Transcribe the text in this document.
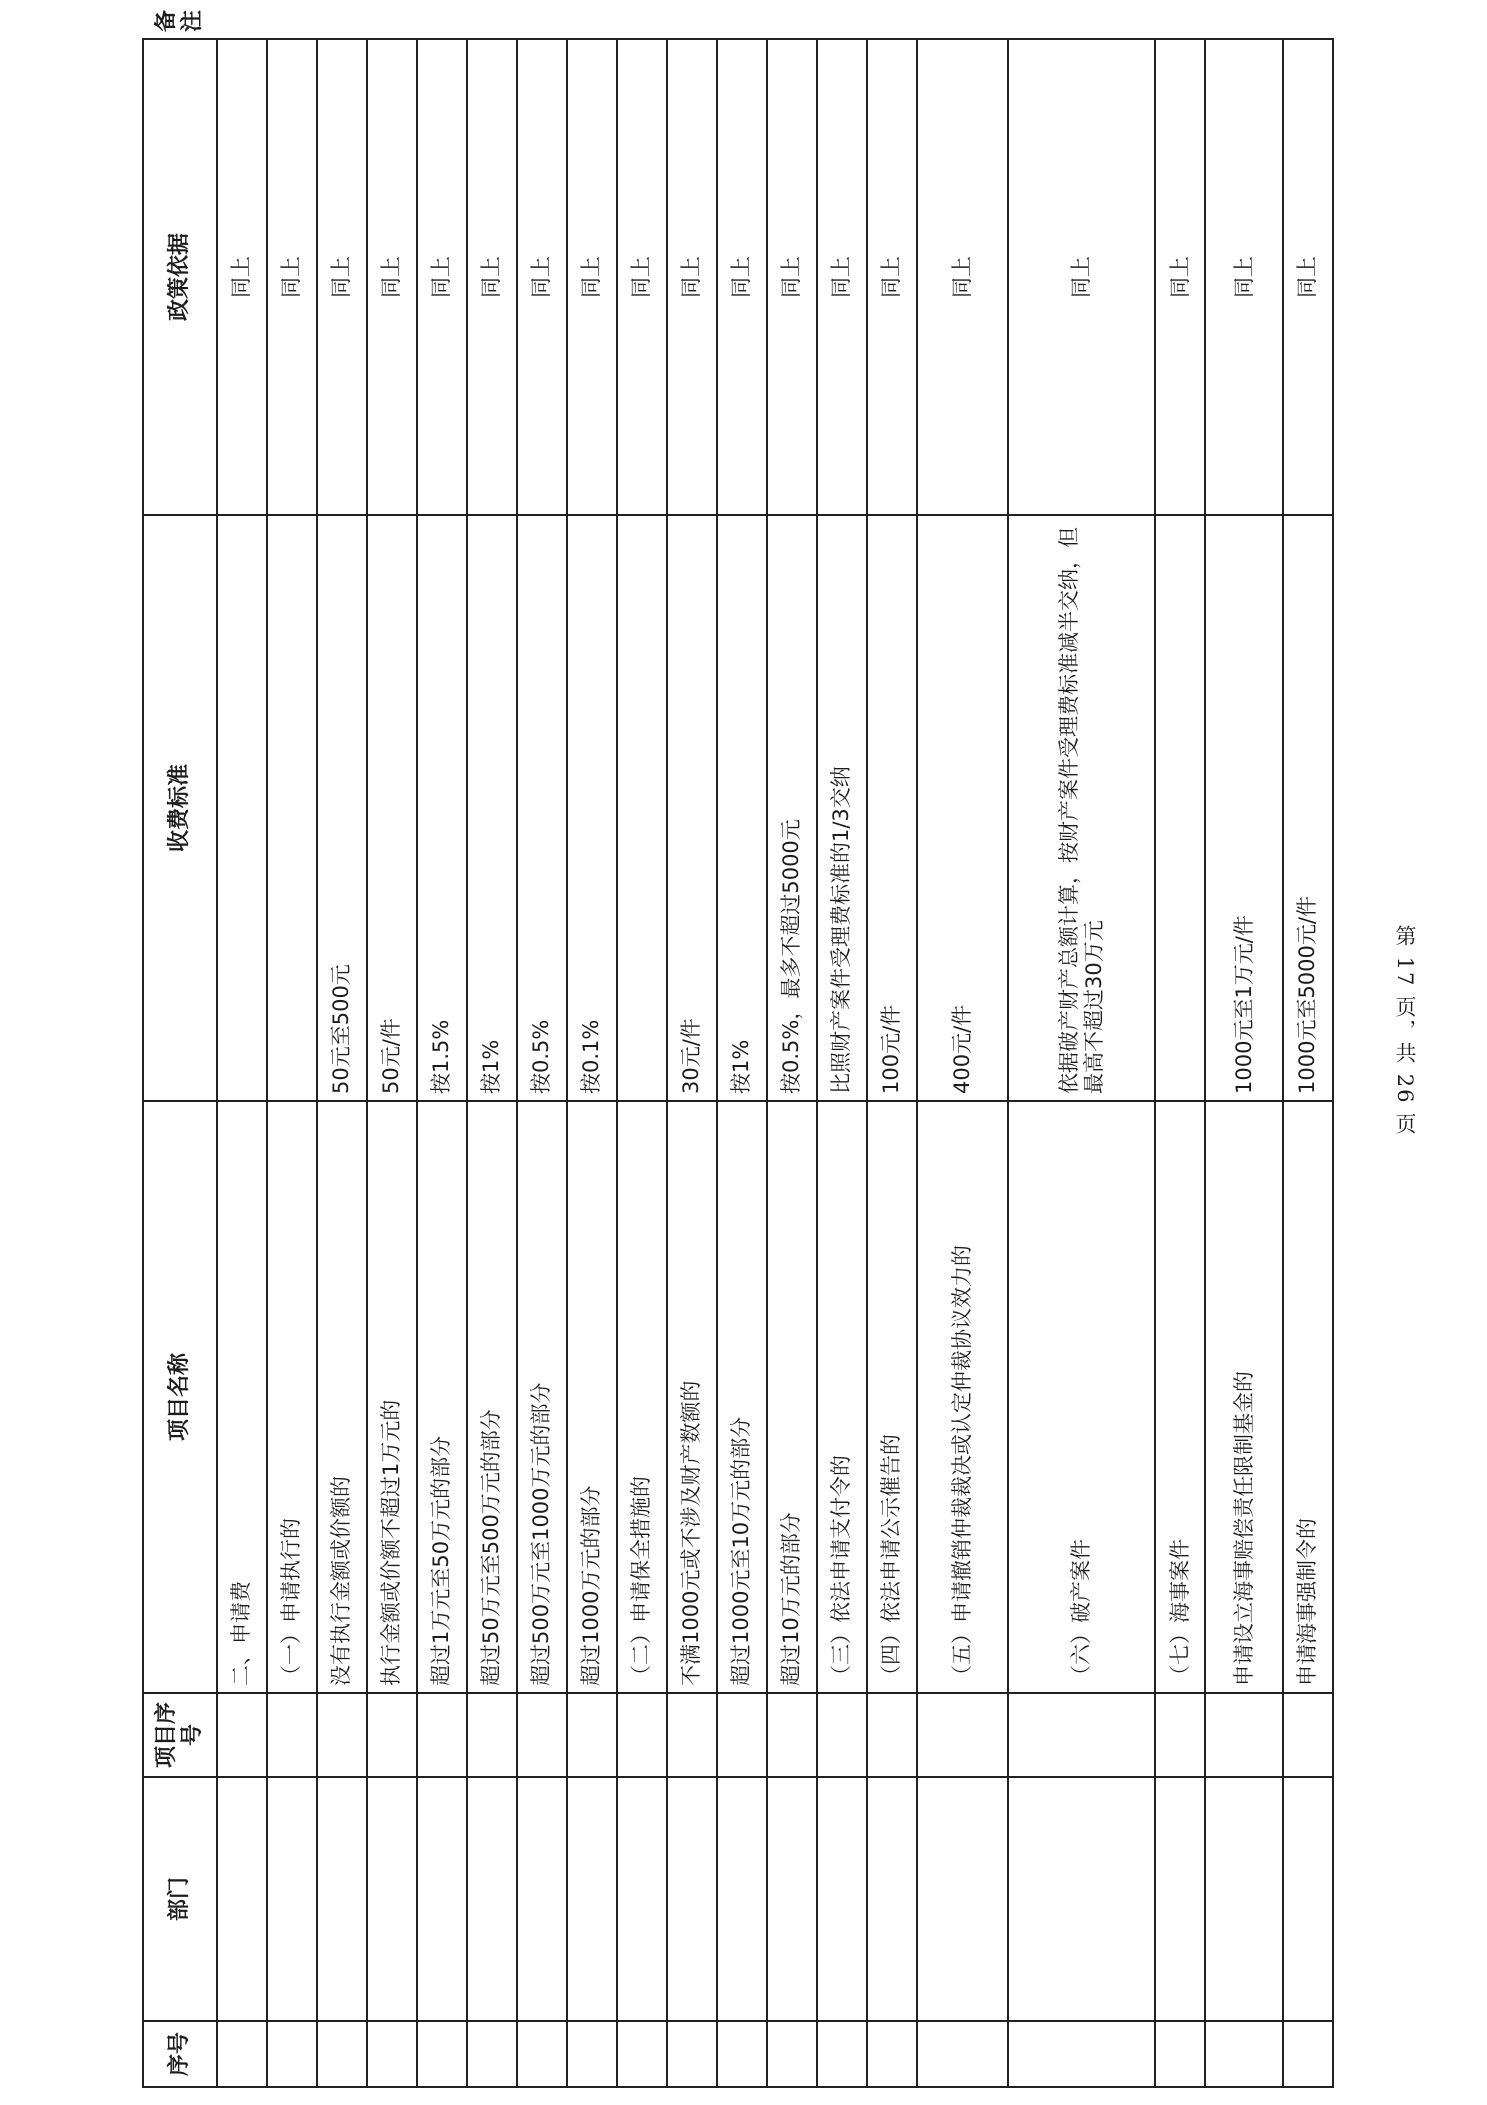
序号	部门	项目序号	项目名称	收费标准	政策依据	备注
			二、申请费		同上	
			（一）申请执行的		同上	
			没有执行金额或价额的	50元至500元	同上	
			执行金额或价额不超过1万元的	50元/件	同上	
			超过1万元至50万元的部分	按1.5%	同上	
			超过50万元至500万元的部分	按1%	同上	
			超过500万元至1000万元的部分	按0.5%	同上	
			超过1000万元的部分	按0.1%	同上	
			（二）申请保全措施的		同上	
			不满1000元或不涉及财产数额的	30元/件	同上	
			超过1000元至10万元的部分	按1%	同上	
			超过10万元的部分	按0.5%，最多不超过5000元	同上	
			（三）依法申请支付令的	比照财产案件受理费标准的1/3交纳	同上	
			（四）依法申请公示催告的	100元/件	同上	
			（五）申请撤销仲裁裁决或认定仲裁协议效力的	400元/件	同上	
			（六）破产案件	依据破产财产总额计算，按财产案件受理费标准减半交纳，但最高不超过30万元	同上	
			（七）海事案件		同上	
			申请设立海事赔偿责任限制基金的	1000元至1万元/件	同上	
			申请海事强制令的	1000元至5000元/件	同上	
第 17 页，共 26 页
